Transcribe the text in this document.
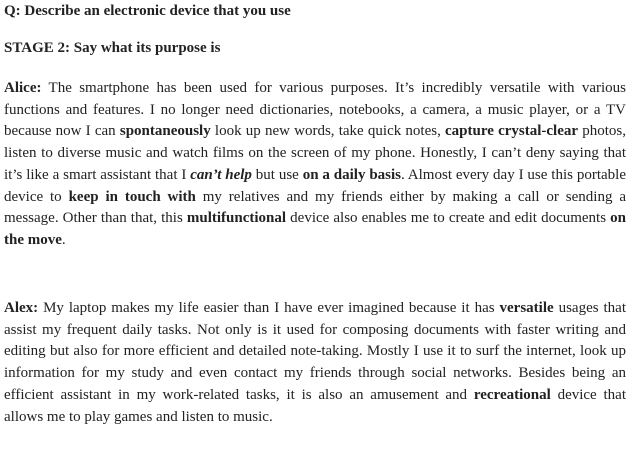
Q: Describe an electronic device that you use

STAGE 2: Say what its purpose is

Alice: The smartphone has been used for various purposes. It’s incredibly versatile with various functions and features. I no longer need dictionaries, notebooks, a camera, a music player, or a TV because now I can spontaneously look up new words, take quick notes, capture crystal-clear photos, listen to diverse music and watch films on the screen of my phone. Honestly, I can’t deny saying that it’s like a smart assistant that I can’t help but use on a daily basis. Almost every day I use this portable device to keep in touch with my relatives and my friends either by making a call or sending a message. Other than that, this multifunctional device also enables me to create and edit documents on the move.

Alex: My laptop makes my life easier than I have ever imagined because it has versatile usages that assist my frequent daily tasks. Not only is it used for composing documents with faster writing and editing but also for more efficient and detailed note-taking. Mostly I use it to surf the internet, look up information for my study and even contact my friends through social networks. Besides being an efficient assistant in my work-related tasks, it is also an amusement and recreational device that allows me to play games and listen to music.
